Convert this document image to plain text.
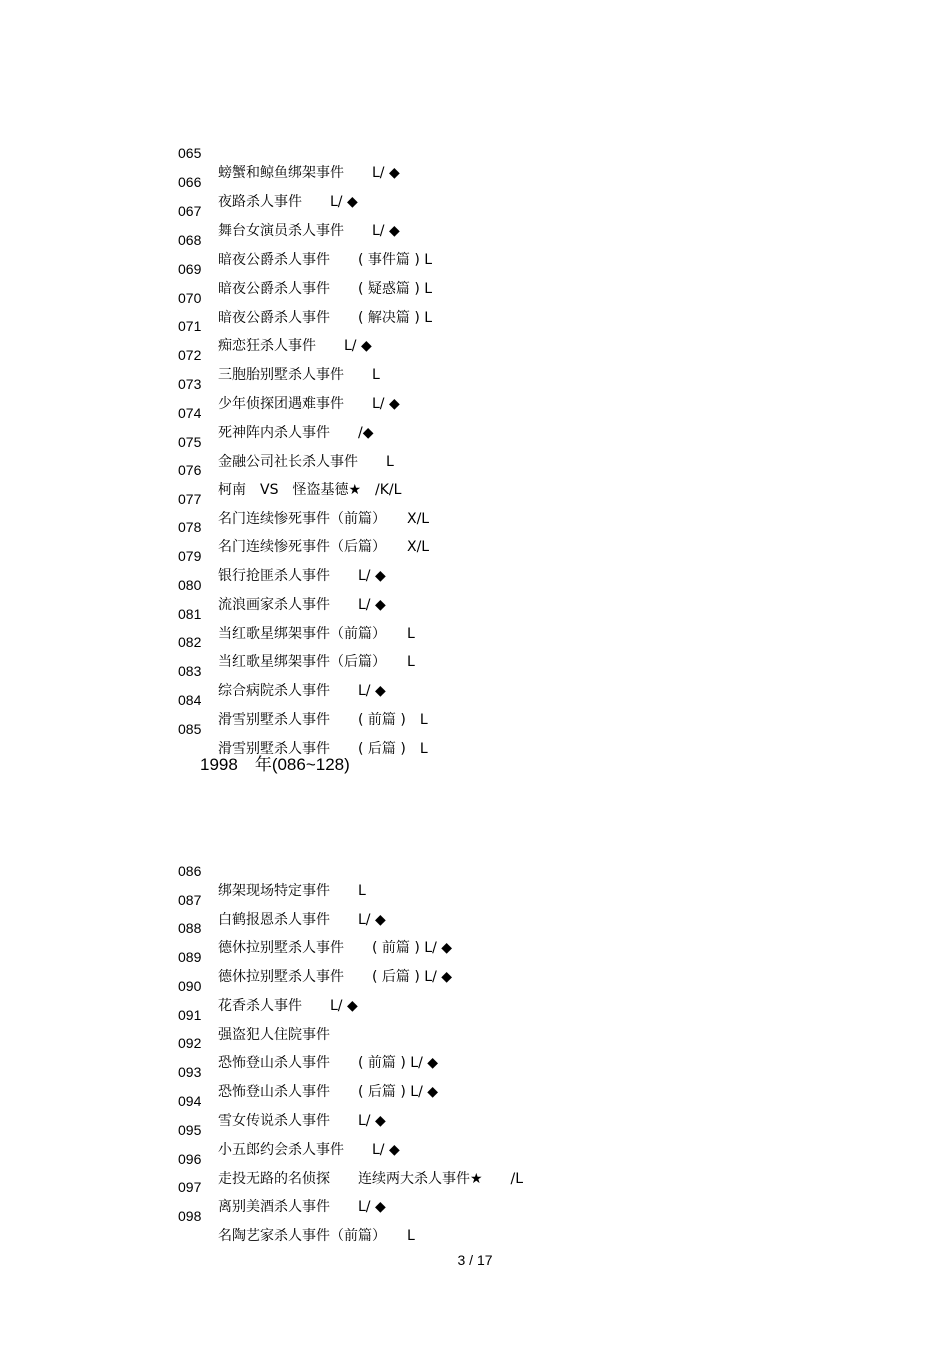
065

螃蟹和鲸鱼绑架事件　　L/ ◆

066

夜路杀人事件　　L/ ◆

067

舞台女演员杀人事件　　L/ ◆

068

暗夜公爵杀人事件　　( 事件篇 ) L

069

暗夜公爵杀人事件　　( 疑惑篇 ) L

070

暗夜公爵杀人事件　　( 解决篇 ) L

071

痴恋狂杀人事件　　L/ ◆

072

三胞胎别墅杀人事件　　L

073

少年侦探团遇难事件　　L/ ◆

074

死神阵内杀人事件　　/◆

075

金融公司社长杀人事件　　L

076

柯南　VS　怪盗基德★　/K/L

077

名门连续惨死事件（前篇）　　X/L

078

名门连续惨死事件（后篇）　　X/L

079

银行抢匪杀人事件　　L/ ◆

080

流浪画家杀人事件　　L/ ◆

081

当红歌星绑架事件（前篇）　　L

082

当红歌星绑架事件（后篇）　　L

083

综合病院杀人事件　　L/ ◆

084

滑雪别墅杀人事件　　( 前篇 )　L

085

滑雪别墅杀人事件　　( 后篇 )　L

1998　年(086~128)

086

绑架现场特定事件　　L

087

白鹤报恩杀人事件　　L/ ◆

088

德休拉别墅杀人事件　　( 前篇 ) L/ ◆

089

德休拉别墅杀人事件　　( 后篇 ) L/ ◆

090

花香杀人事件　　L/ ◆

091

强盗犯人住院事件

092

恐怖登山杀人事件　　( 前篇 ) L/ ◆

093

恐怖登山杀人事件　　( 后篇 ) L/ ◆

094

雪女传说杀人事件　　L/ ◆

095

小五郎约会杀人事件　　L/ ◆

096

走投无路的名侦探　　连续两大杀人事件★　　/L

097

离别美酒杀人事件　　L/ ◆

098

名陶艺家杀人事件（前篇）　　L

3 / 17
